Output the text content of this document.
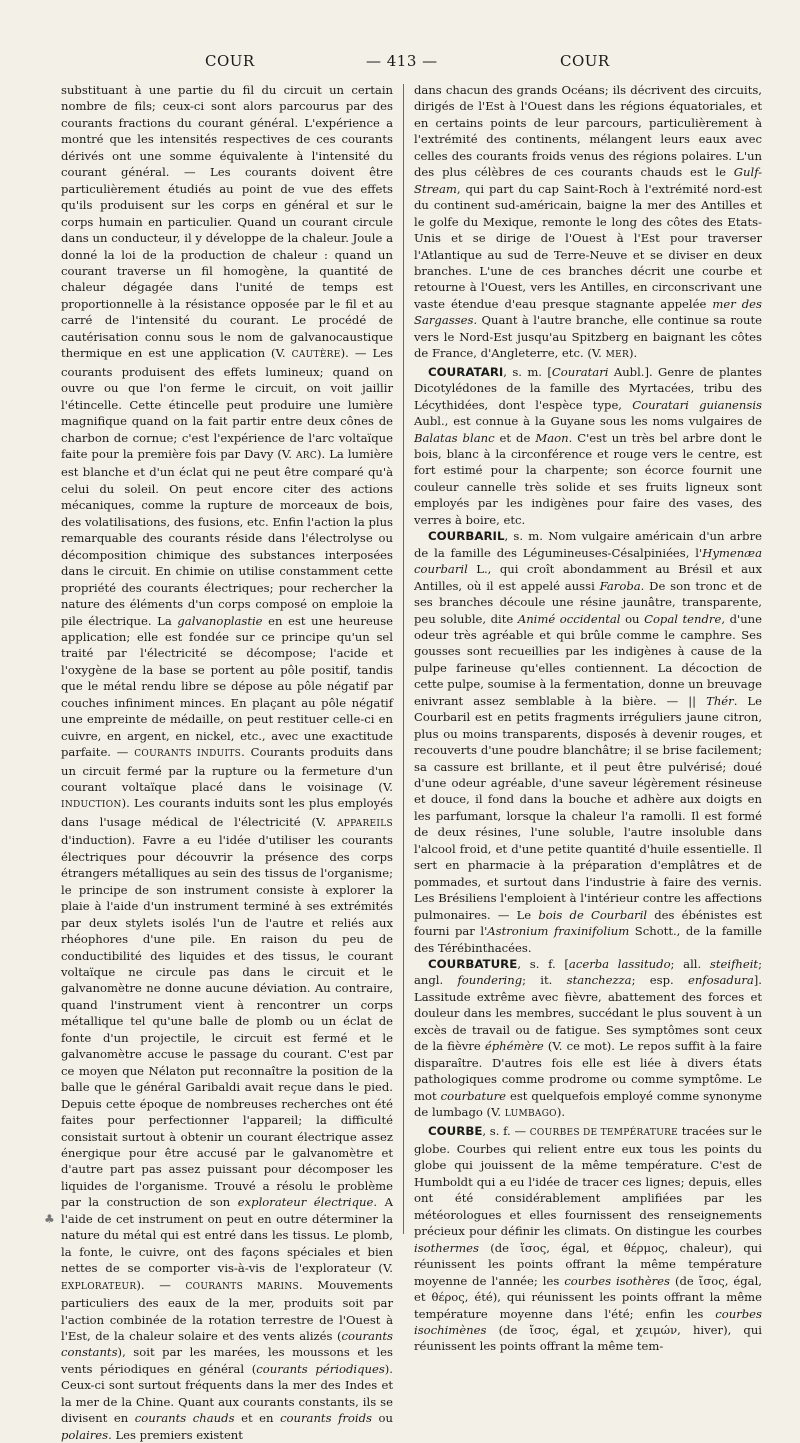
COUR	— 413 —	COUR

substituant à une partie du fil du circuit un certain nombre de fils; ceux-ci sont alors parcourus par des courants fractions du courant général. L'expérience a montré que les intensités respectives de ces courants dérivés ont une somme équivalente à l'intensité du courant général. — Les courants doivent être particulièrement étudiés au point de vue des effets qu'ils produisent sur les corps en général et sur le corps humain en particulier. Quand un courant circule dans un conducteur, il y développe de la chaleur. Joule a donné la loi de la production de chaleur : quand un courant traverse un fil homogène, la quantité de chaleur dégagée dans l'unité de temps est proportionnelle à la résistance opposée par le fil et au carré de l'intensité du courant. Le procédé de cautérisation connu sous le nom de galvanocaustique thermique en est une application (V. CAUTÈRE). — Les courants produisent des effets lumineux; quand on ouvre ou que l'on ferme le circuit, on voit jaillir l'étincelle. Cette étincelle peut produire une lumière magnifique quand on la fait partir entre deux cônes de charbon de cornue; c'est l'expérience de l'arc voltaïque faite pour la première fois par Davy (V. ARC). La lumière est blanche et d'un éclat qui ne peut être comparé qu'à celui du soleil. On peut encore citer des actions mécaniques, comme la rupture de morceaux de bois, des volatilisations, des fusions, etc. Enfin l'action la plus remarquable des courants réside dans l'électrolyse ou décomposition chimique des substances interposées dans le circuit. En chimie on utilise constamment cette propriété des courants électriques; pour rechercher la nature des éléments d'un corps composé on emploie la pile électrique. La galvanoplastie en est une heureuse application; elle est fondée sur ce principe qu'un sel traité par l'électricité se décompose; l'acide et l'oxygène de la base se portent au pôle positif, tandis que le métal rendu libre se dépose au pôle négatif par couches infiniment minces. En plaçant au pôle négatif une empreinte de médaille, on peut restituer celle-ci en cuivre, en argent, en nickel, etc., avec une exactitude parfaite. — COURANTS INDUITS. Courants produits dans un circuit fermé par la rupture ou la fermeture d'un courant voltaïque placé dans le voisinage (V. INDUCTION). Les courants induits sont les plus employés dans l'usage médical de l'électricité (V. APPAREILS d'induction). Favre a eu l'idée d'utiliser les courants électriques pour découvrir la présence des corps étrangers métalliques au sein des tissus de l'organisme; le principe de son instrument consiste à explorer la plaie à l'aide d'un instrument terminé à ses extrémités par deux stylets isolés l'un de l'autre et reliés aux rhéophores d'une pile. En raison du peu de conductibilité des liquides et des tissus, le courant voltaïque ne circule pas dans le circuit et le galvanomètre ne donne aucune déviation. Au contraire, quand l'instrument vient à rencontrer un corps métallique tel qu'une balle de plomb ou un éclat de fonte d'un projectile, le circuit est fermé et le galvanomètre accuse le passage du courant. C'est par ce moyen que Nélaton put reconnaître la position de la balle que le général Garibaldi avait reçue dans le pied. Depuis cette époque de nombreuses recherches ont été faites pour perfectionner l'appareil; la difficulté consistait surtout à obtenir un courant électrique assez énergique pour être accusé par le galvanomètre et d'autre part pas assez puissant pour décomposer les liquides de l'organisme. Trouvé a résolu le problème par la construction de son explorateur électrique. A l'aide de cet instrument on peut en outre déterminer la nature du métal qui est entré dans les tissus. Le plomb, la fonte, le cuivre, ont des façons spéciales et bien nettes de se comporter vis-à-vis de l'explorateur (V. EXPLORATEUR). — COURANTS MARINS. Mouvements particuliers des eaux de la mer, produits soit par l'action combinée de la rotation terrestre de l'Ouest à l'Est, de la chaleur solaire et des vents alizés (courants constants), soit par les marées, les moussons et les vents périodiques en général (courants périodiques). Ceux-ci sont surtout fréquents dans la mer des Indes et la mer de la Chine. Quant aux courants constants, ils se divisent en courants chauds et en courants froids ou polaires. Les premiers existent

dans chacun des grands Océans; ils décrivent des circuits, dirigés de l'Est à l'Ouest dans les régions équatoriales, et en certains points de leur parcours, particulièrement à l'extrémité des continents, mélangent leurs eaux avec celles des courants froids venus des régions polaires. L'un des plus célèbres de ces courants chauds est le Gulf-Stream, qui part du cap Saint-Roch à l'extrémité nord-est du continent sud-américain, baigne la mer des Antilles et le golfe du Mexique, remonte le long des côtes des Etats-Unis et se dirige de l'Ouest à l'Est pour traverser l'Atlantique au sud de Terre-Neuve et se diviser en deux branches. L'une de ces branches décrit une courbe et retourne à l'Ouest, vers les Antilles, en circonscrivant une vaste étendue d'eau presque stagnante appelée mer des Sargasses. Quant à l'autre branche, elle continue sa route vers le Nord-Est jusqu'au Spitzberg en baignant les côtes de France, d'Angleterre, etc. (V. MER).

COURATARI, s. m. [Couratari Aubl.]. Genre de plantes Dicotylédones de la famille des Myrtacées, tribu des Lécythidées, dont l'espèce type, Couratari guianensis Aubl., est connue à la Guyane sous les noms vulgaires de Balatas blanc et de Maon. C'est un très bel arbre dont le bois, blanc à la circonférence et rouge vers le centre, est fort estimé pour la charpente; son écorce fournit une couleur cannelle très solide et ses fruits ligneux sont employés par les indigènes pour faire des vases, des verres à boire, etc.

COURBARIL, s. m. Nom vulgaire américain d'un arbre de la famille des Légumineuses-Césalpiniées, l'Hymenæa courbaril L., qui croît abondamment au Brésil et aux Antilles, où il est appelé aussi Faroba. De son tronc et de ses branches découle une résine jaunâtre, transparente, peu soluble, dite Animé occidental ou Copal tendre, d'une odeur très agréable et qui brûle comme le camphre. Ses gousses sont recueillies par les indigènes à cause de la pulpe farineuse qu'elles contiennent. La décoction de cette pulpe, soumise à la fermentation, donne un breuvage enivrant assez semblable à la bière. — || Thér. Le Courbaril est en petits fragments irréguliers jaune citron, plus ou moins transparents, disposés à devenir rouges, et recouverts d'une poudre blanchâtre; il se brise facilement; sa cassure est brillante, et il peut être pulvérisé; doué d'une odeur agréable, d'une saveur légèrement résineuse et douce, il fond dans la bouche et adhère aux doigts en les parfumant, lorsque la chaleur l'a ramolli. Il est formé de deux résines, l'une soluble, l'autre insoluble dans l'alcool froid, et d'une petite quantité d'huile essentielle. Il sert en pharmacie à la préparation d'emplâtres et de pommades, et surtout dans l'industrie à faire des vernis. Les Brésiliens l'emploient à l'intérieur contre les affections pulmonaires. — Le bois de Courbaril des ébénistes est fourni par l'Astronium fraxinifolium Schott., de la famille des Térébinthacées.

COURBATURE, s. f. [acerba lassitudo; all. steifheit; angl. foundering; it. stanchezza; esp. enfosadura]. Lassitude extrême avec fièvre, abattement des forces et douleur dans les membres, succédant le plus souvent à un excès de travail ou de fatigue. Ses symptômes sont ceux de la fièvre éphémère (V. ce mot). Le repos suffit à la faire disparaître. D'autres fois elle est liée à divers états pathologiques comme prodrome ou comme symptôme. Le mot courbature est quelquefois employé comme synonyme de lumbago (V. LUMBAGO).

COURBE, s. f. — COURBES DE TEMPÉRATURE tracées sur le globe. Courbes qui relient entre eux tous les points du globe qui jouissent de la même température. C'est de Humboldt qui a eu l'idée de tracer ces lignes; depuis, elles ont été considérablement amplifiées par les météorologues et elles fournissent des renseignements précieux pour définir les climats. On distingue les courbes isothermes (de ἴσος, égal, et θέρμος, chaleur), qui réunissent les points offrant la même température moyenne de l'année; les courbes isothères (de ἴσος, égal, et θέρος, été), qui réunissent les points offrant la même température moyenne dans l'été; enfin les courbes isochimènes (de ἴσος, égal, et χειμών, hiver), qui réunissent les points offrant la même tem-

♣
